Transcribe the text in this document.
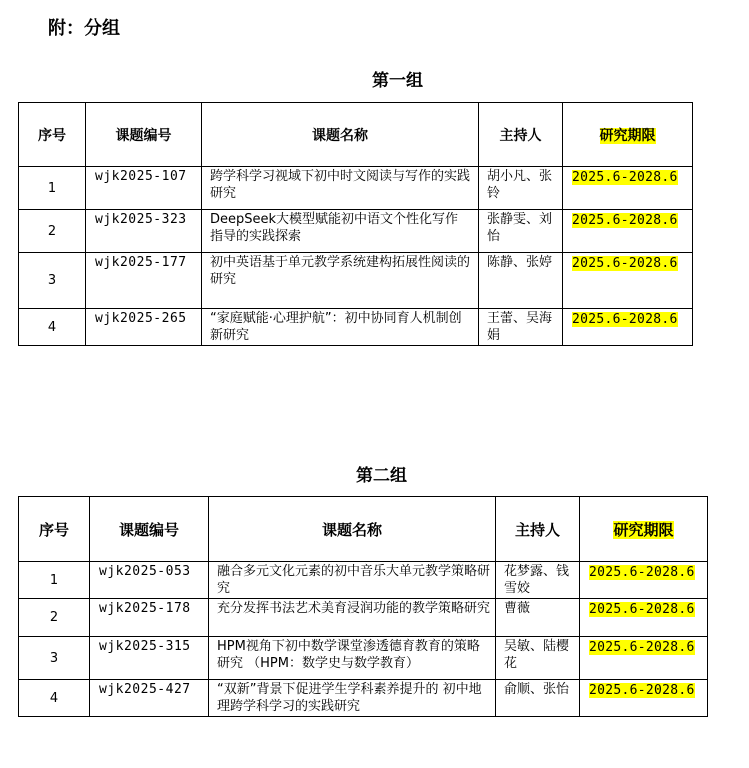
附：分组
第一组
序号	课题编号	课题名称	主持人	研究期限
1	wjk2025-107	跨学科学习视域下初中时文阅读与写作的实践研究	胡小凡、张铃	2025.6-2028.6
2	wjk2025-323	DeepSeek大模型赋能初中语文个性化写作 指导的实践探索	张静雯、刘怡	2025.6-2028.6
3	wjk2025-177	初中英语基于单元教学系统建构拓展性阅读的研究	陈静、张婷	2025.6-2028.6
4	wjk2025-265	“家庭赋能·心理护航”：初中协同育人机制创新研究	王蕾、吴海娟	2025.6-2028.6
第二组
序号	课题编号	课题名称	主持人	研究期限
1	wjk2025-053	融合多元文化元素的初中音乐大单元教学策略研究	花梦露、钱雪姣	2025.6-2028.6
2	wjk2025-178	充分发挥书法艺术美育浸润功能的教学策略研究	曹薇	2025.6-2028.6
3	wjk2025-315	HPM视角下初中数学课堂渗透德育教育的策略研究 （HPM：数学史与数学教育）	吴敏、陆樱花	2025.6-2028.6
4	wjk2025-427	“双新”背景下促进学生学科素养提升的 初中地理跨学科学习的实践研究	俞顺、张怡	2025.6-2028.6
